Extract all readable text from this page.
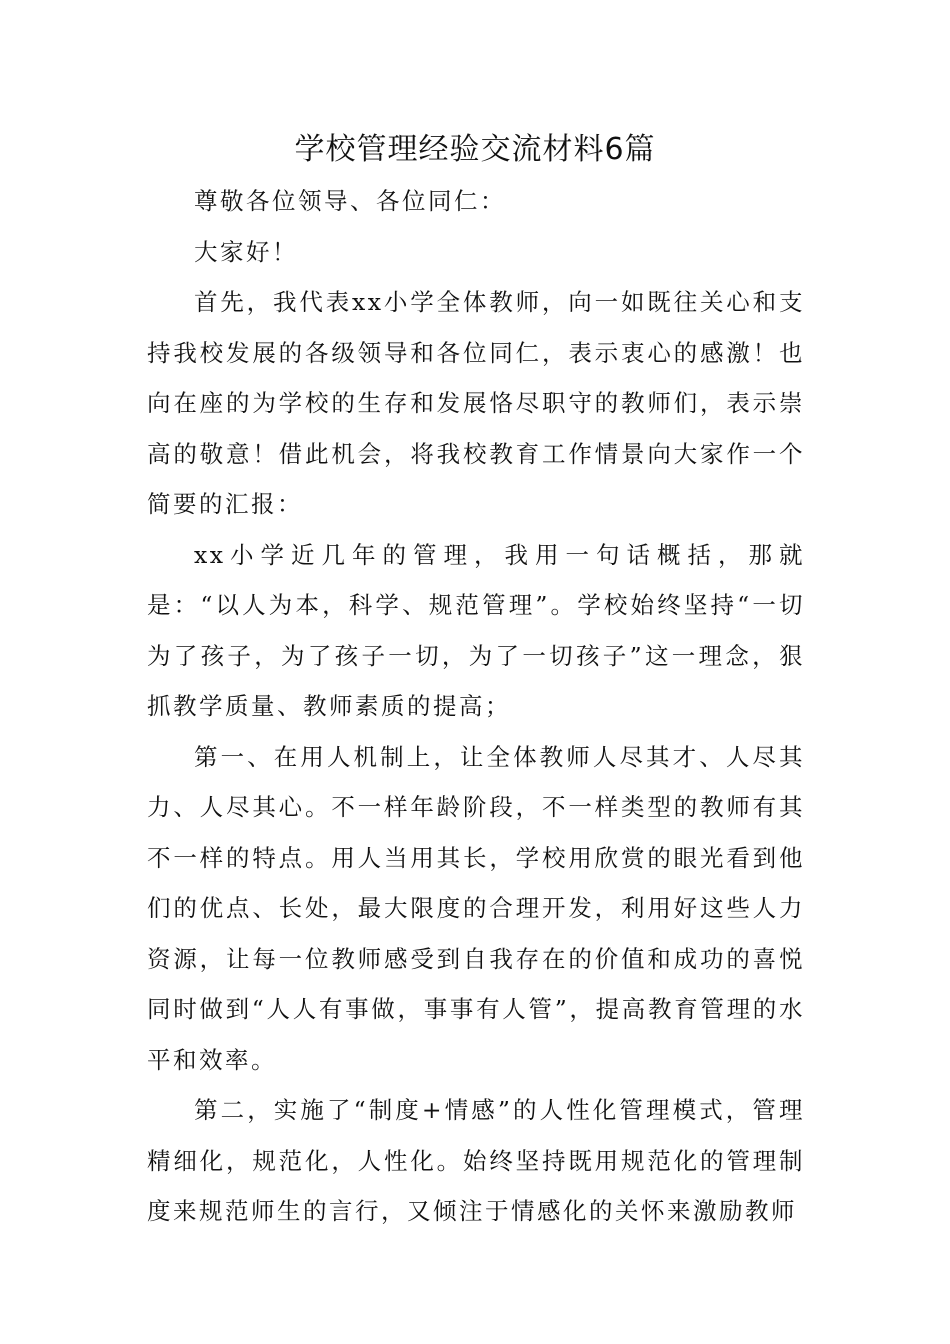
学校管理经验交流材料6篇

尊敬各位领导、各位同仁：

大家好！

首先，我代表xx小学全体教师，向一如既往关心和支持我校发展的各级领导和各位同仁，表示衷心的感激！也向在座的为学校的生存和发展恪尽职守的教师们，表示崇高的敬意！借此机会，将我校教育工作情景向大家作一个简要的汇报：

xx小学近几年的管理，我用一句话概括，那就是：“以人为本，科学、规范管理”。学校始终坚持“一切为了孩子，为了孩子一切，为了一切孩子”这一理念，狠抓教学质量、教师素质的提高；

第一、在用人机制上，让全体教师人尽其才、人尽其力、人尽其心。不一样年龄阶段，不一样类型的教师有其不一样的特点。用人当用其长，学校用欣赏的眼光看到他们的优点、长处，最大限度的合理开发，利用好这些人力资源，让每一位教师感受到自我存在的价值和成功的喜悦同时做到“人人有事做，事事有人管”，提高教育管理的水平和效率。

第二，实施了“制度+情感”的人性化管理模式，管理精细化，规范化，人性化。始终坚持既用规范化的管理制度来规范师生的言行，又倾注于情感化的关怀来激励教师
